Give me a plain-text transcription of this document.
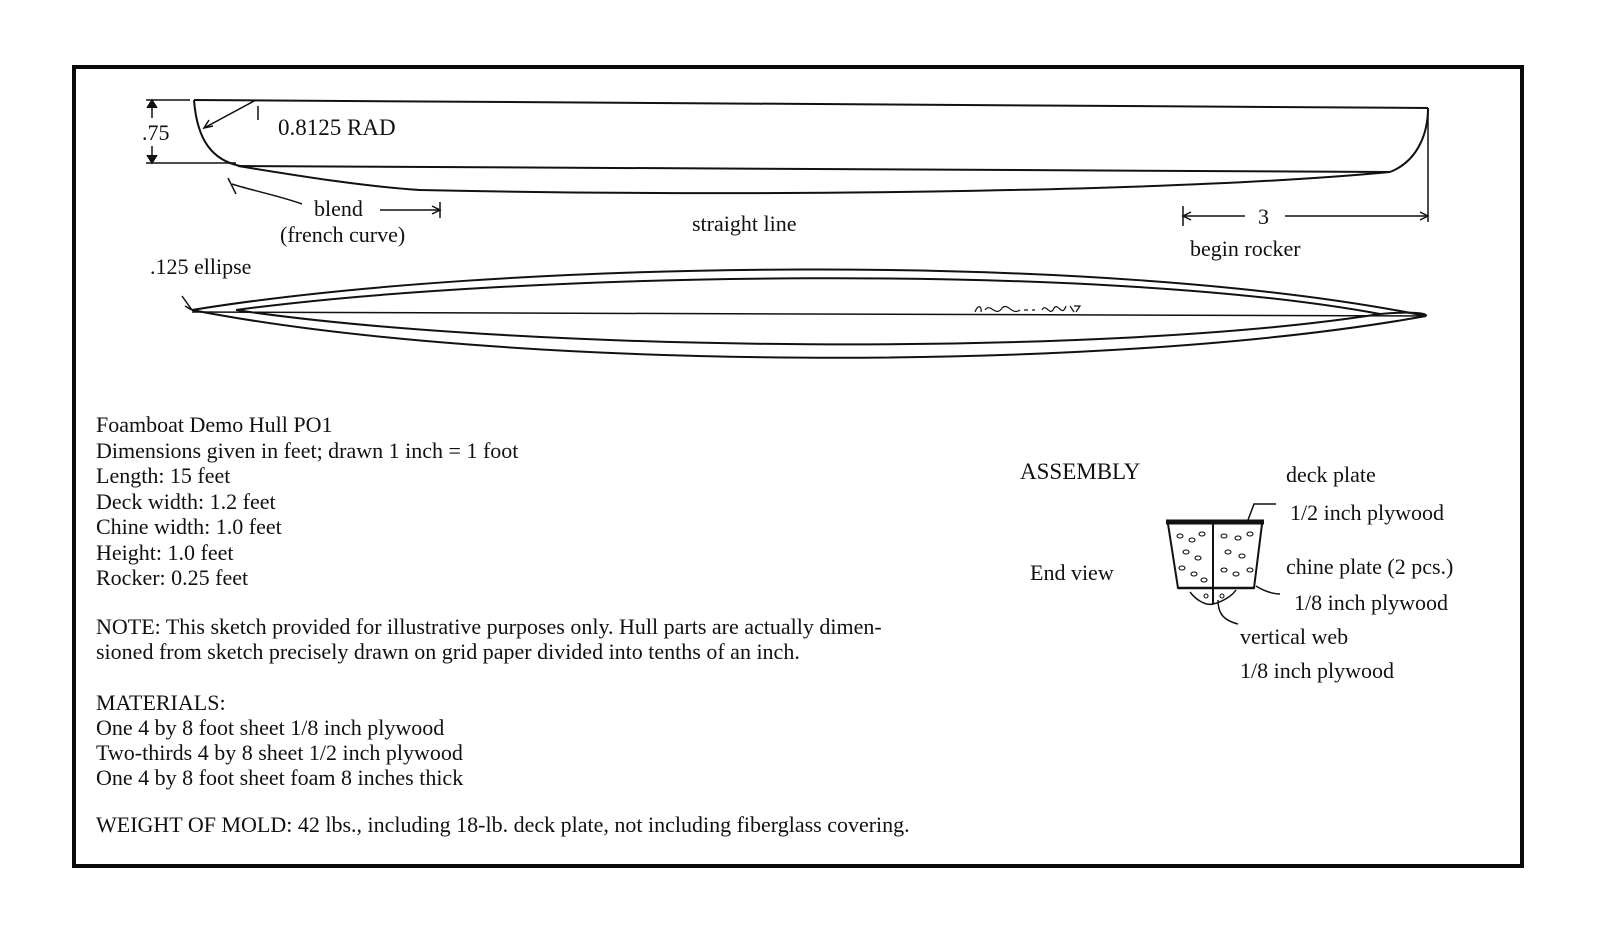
.75	0.8125 RAD
blend
(french curve)	straight line	3
begin rocker
.125 ellipse
Foamboat Demo Hull PO1
Dimensions given in feet; drawn 1 inch = 1 foot
Length: 15 feet
Deck width: 1.2 feet
Chine width: 1.0 feet
Height: 1.0 feet
Rocker: 0.25 feet
NOTE: This sketch provided for illustrative purposes only. Hull parts are actually dimen-
sioned from sketch precisely drawn on grid paper divided into tenths of an inch.
MATERIALS:
One 4 by 8 foot sheet 1/8 inch plywood
Two-thirds 4 by 8 sheet 1/2 inch plywood
One 4 by 8 foot sheet foam 8 inches thick
WEIGHT OF MOLD: 42 lbs., including 18-lb. deck plate, not including fiberglass covering.
ASSEMBLY
End view
deck plate
1/2 inch plywood
chine plate (2 pcs.)
1/8 inch plywood
vertical web
1/8 inch plywood
